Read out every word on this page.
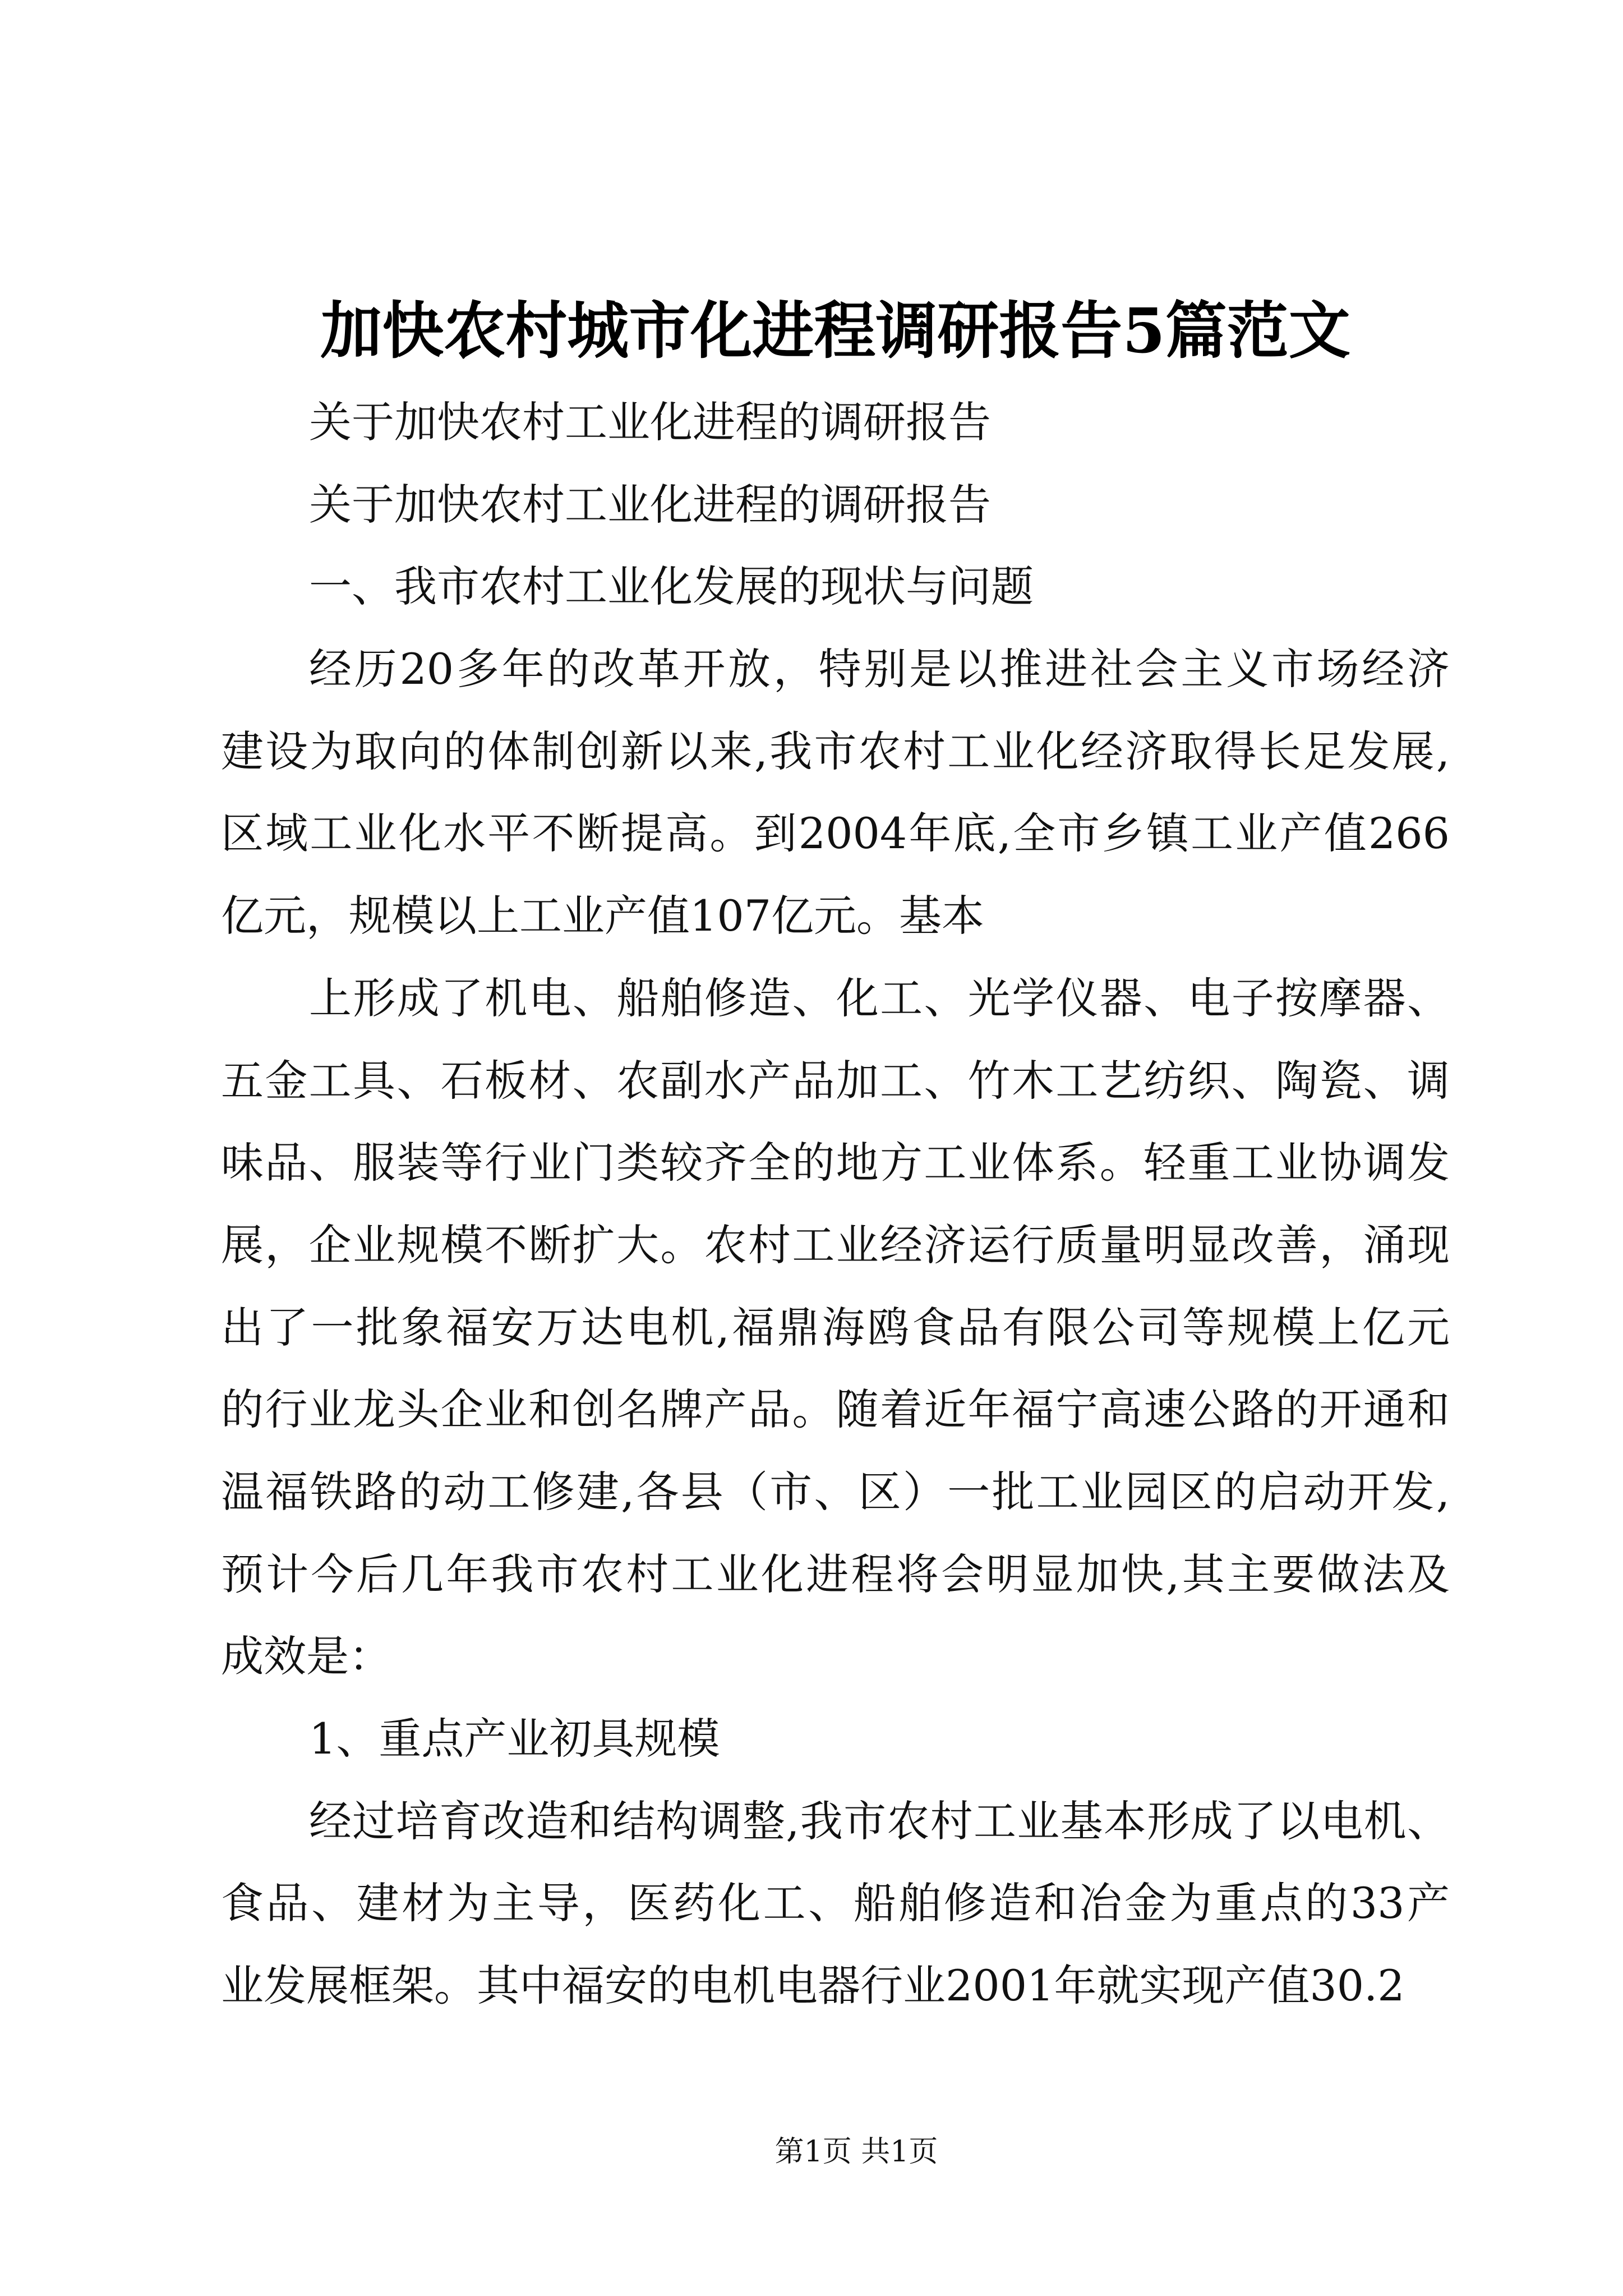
加快农村城市化进程调研报告5篇范文
关于加快农村工业化进程的调研报告
关于加快农村工业化进程的调研报告
一、我市农村工业化发展的现状与问题
经历20多年的改革开放，特别是以推进社会主义市场经济
建设为取向的体制创新以来,我市农村工业化经济取得长足发展,
区域工业化水平不断提高。到2004年底,全市乡镇工业产值266
亿元，规模以上工业产值107亿元。基本
上形成了机电、船舶修造、化工、光学仪器、电子按摩器、
五金工具、石板材、农副水产品加工、竹木工艺纺织、陶瓷、调
味品、服装等行业门类较齐全的地方工业体系。轻重工业协调发
展，企业规模不断扩大。农村工业经济运行质量明显改善，涌现
出了一批象福安万达电机,福鼎海鸥食品有限公司等规模上亿元
的行业龙头企业和创名牌产品。随着近年福宁高速公路的开通和
温福铁路的动工修建,各县（市、区）一批工业园区的启动开发,
预计今后几年我市农村工业化进程将会明显加快,其主要做法及
成效是：
1、重点产业初具规模
经过培育改造和结构调整,我市农村工业基本形成了以电机、
食品、建材为主导，医药化工、船舶修造和冶金为重点的33产
业发展框架。其中福安的电机电器行业2001年就实现产值30.2
第1页 共1页
